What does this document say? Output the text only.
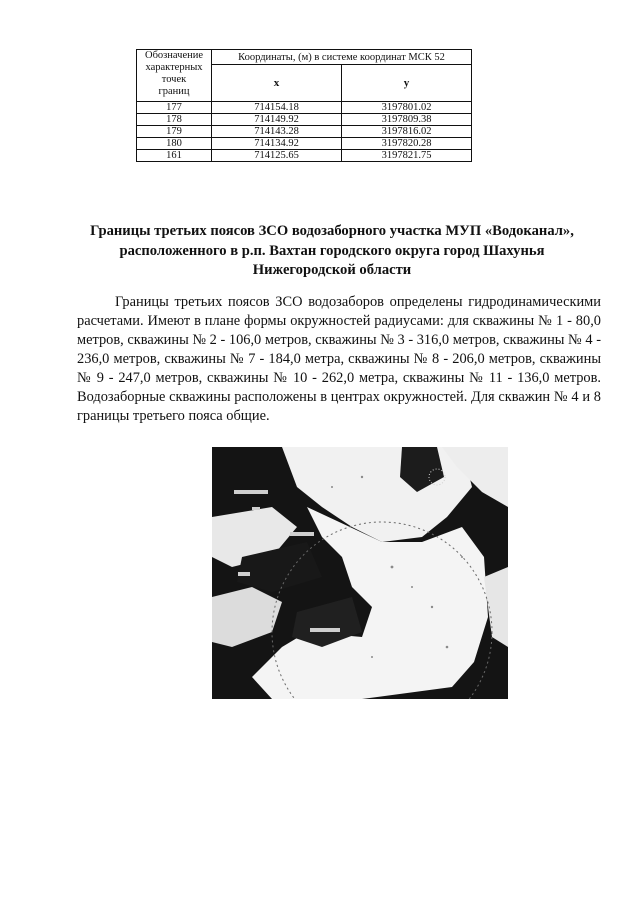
Обозначение
характерных
точек
границ	Координаты, (м) в системе координат МСК 52	
	x	y
177	714154.18	3197801.02
178	714149.92	3197809.38
179	714143.28	3197816.02
180	714134.92	3197820.28
161	714125.65	3197821.75
Границы третьих поясов ЗСО водозаборного участка МУП «Водоканал»,
расположенного в р.п. Вахтан городского округа город Шахунья
Нижегородской области
Границы третьих поясов ЗСО водозаборов определены гидродинамическими расчетами. Имеют в плане формы окружностей радиусами: для скважины № 1 - 80,0 метров, скважины № 2 - 106,0 метров, скважины № 3 - 316,0 метров, скважины № 4 - 236,0 метров, скважины № 7 - 184,0 метра, скважины № 8 - 206,0 метров, скважины № 9 - 247,0 метров, скважины № 10 - 262,0 метра, скважины № 11 - 136,0 метров. Водозаборные скважины расположены в центрах окружностей. Для скважин № 4 и 8 границы третьего пояса общие.
